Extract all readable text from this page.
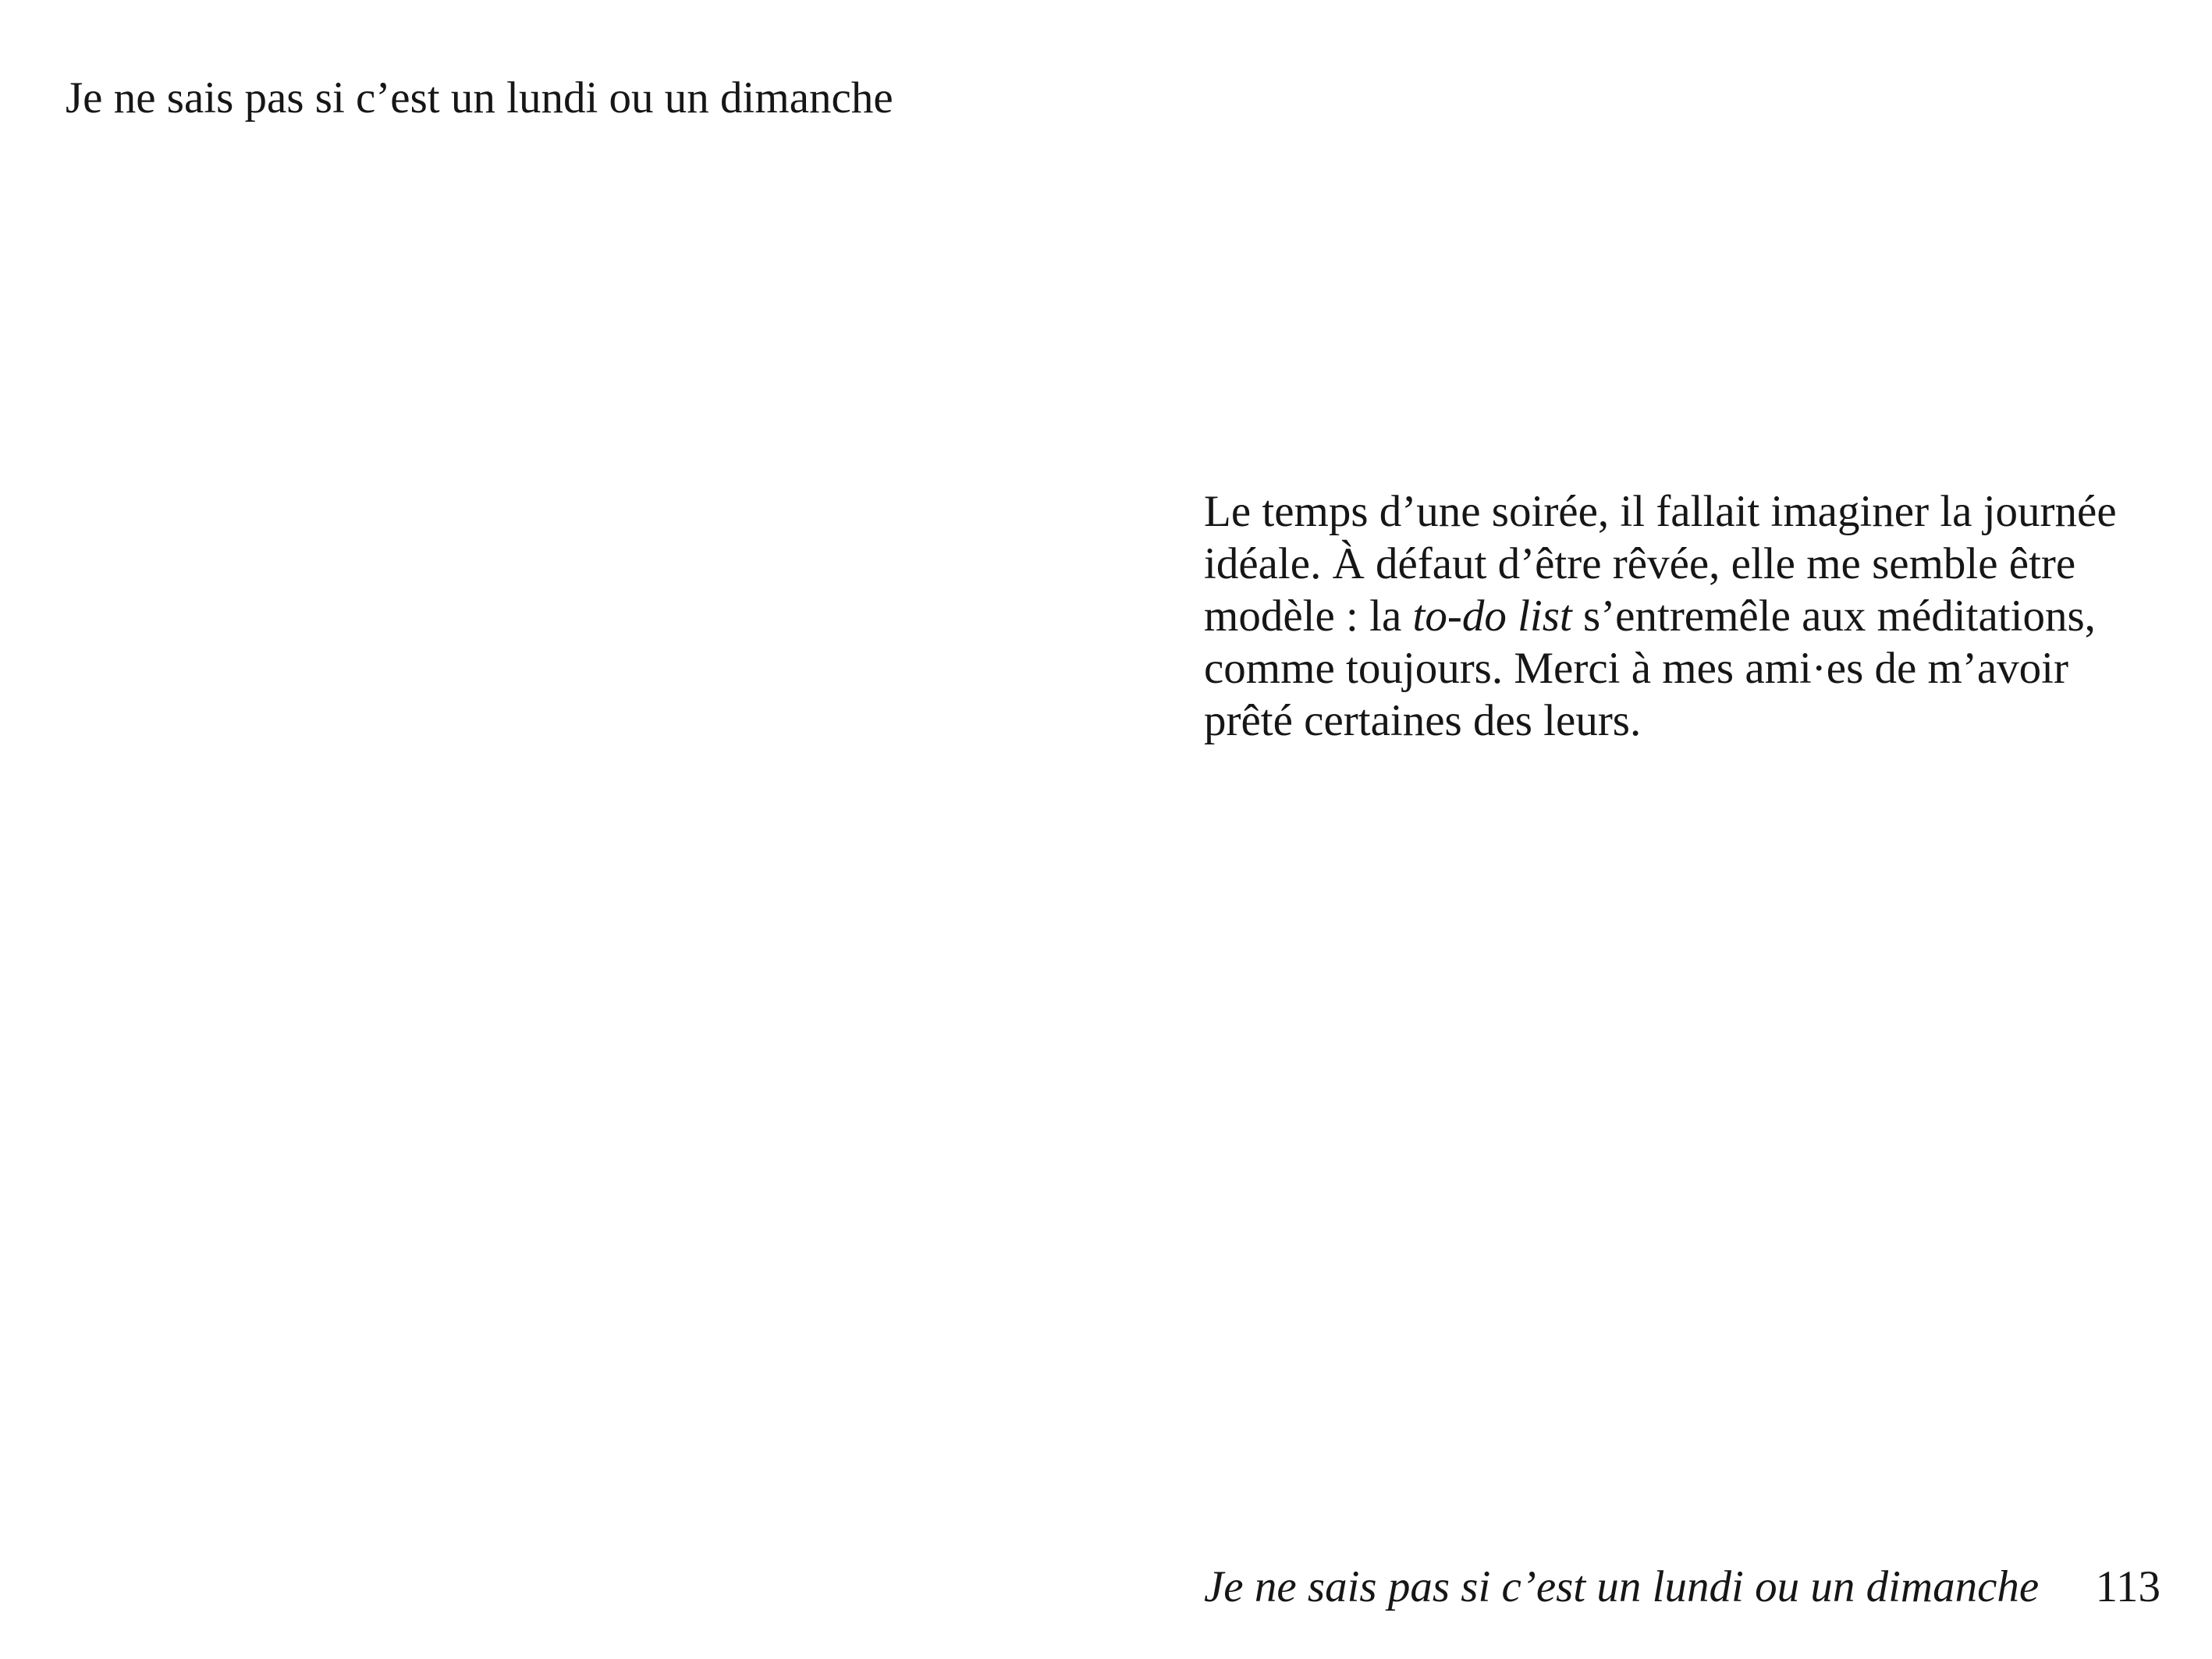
Je ne sais pas si c’est un lundi ou un dimanche

Le temps d’une soirée, il fallait imaginer la journée
idéale. À défaut d’être rêvée, elle me semble être
modèle : la to-do list s’entremêle aux méditations,
comme toujours. Merci à mes ami·es de m’avoir
prêté certaines des leurs.

Je ne sais pas si c’est un lundi ou un dimanche 113
